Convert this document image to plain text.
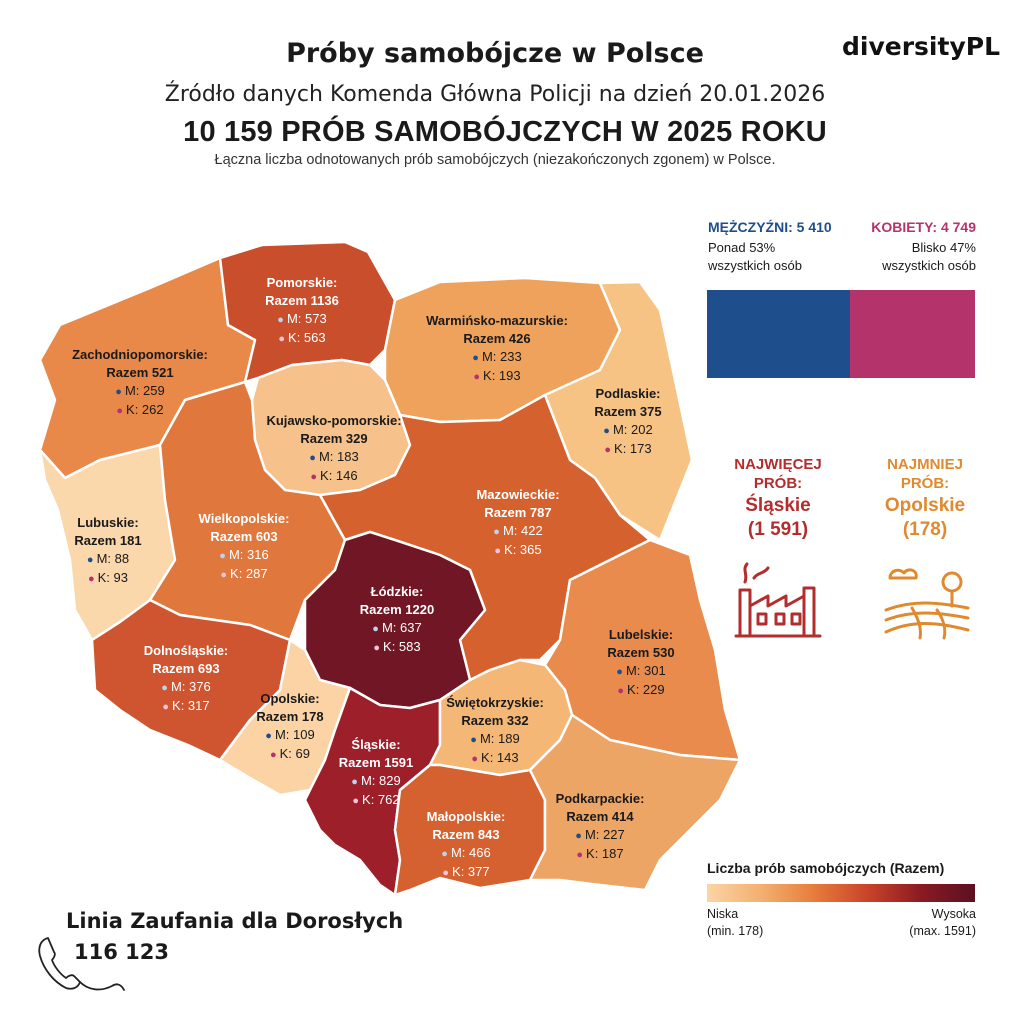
Próby samobójcze w Polsce
Źródło danych Komenda Główna Policji na dzień 20.01.2026
10 159 PRÓB SAMOBÓJCZYCH W 2025 ROKU
Łączna liczba odnotowanych prób samobójczych (niezakończonych zgonem) w Polsce.
diversityPL
Pomorskie:
Razem 1136
● M: 573
● K: 563
Zachodniopomorskie:
Razem 521
● M: 259
● K: 262
Warmińsko-mazurskie:
Razem 426
● M: 233
● K: 193
Kujawsko-pomorskie:
Razem 329
● M: 183
● K: 146
Podlaskie:
Razem 375
● M: 202
● K: 173
Lubuskie:
Razem 181
● M: 88
● K: 93
Wielkopolskie:
Razem 603
● M: 316
● K: 287
Mazowieckie:
Razem 787
● M: 422
● K: 365
Łódzkie:
Razem 1220
● M: 637
● K: 583
Lubelskie:
Razem 530
● M: 301
● K: 229
Dolnośląskie:
Razem 693
● M: 376
● K: 317	Opolskie:
Razem 178
● M: 109
● K: 69
Śląskie:
Razem 1591
● M: 829
● K: 762
Świętokrzyskie:
Razem 332
● M: 189
● K: 143
Małopolskie:
Razem 843
● M: 466
● K: 377
Podkarpackie:
Razem 414
● M: 227
● K: 187
MĘŻCZYŹNI: 5 410
Ponad 53%
wszystkich osób
KOBIETY: 4 749
Blisko 47%
wszystkich osób
NAJWIĘCEJ
PRÓB:
Śląskie
(1 591)
NAJMNIEJ
PRÓB:
Opolskie
(178)
Liczba prób samobójczych (Razem)
Niska
(min. 178)
Wysoka
(max. 1591)
Linia Zaufania dla Dorosłych
116 123
